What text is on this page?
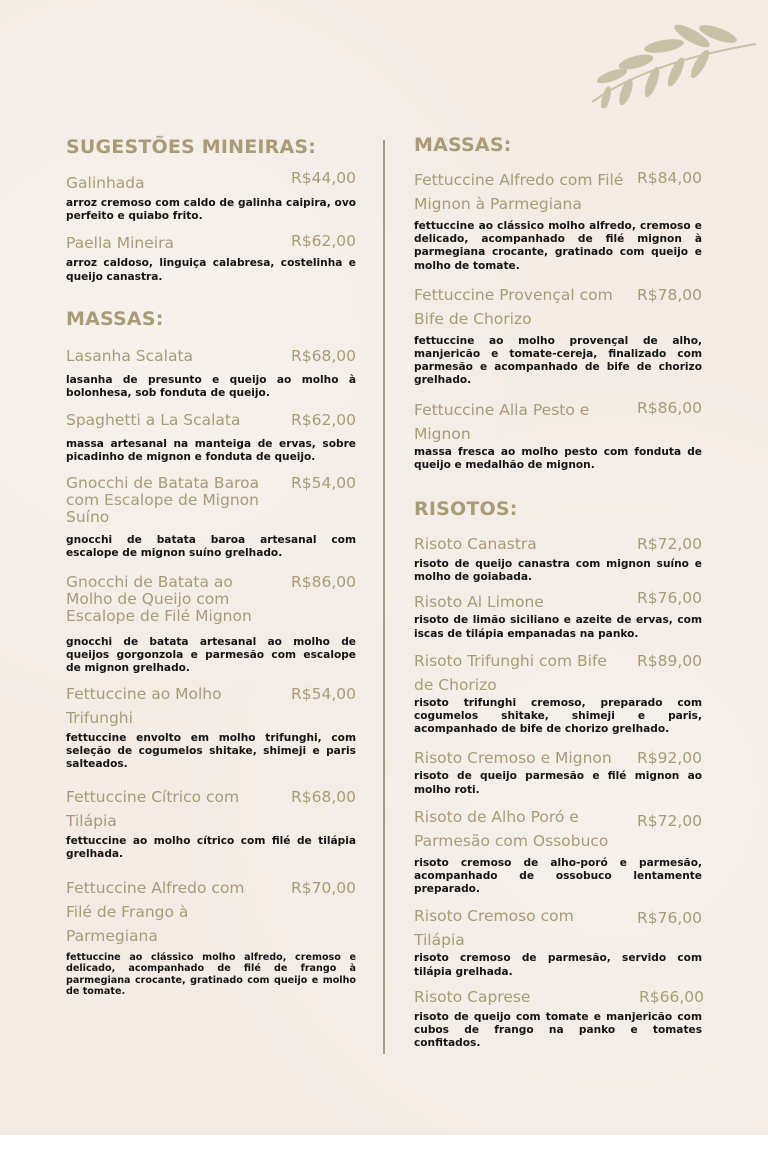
SUGESTÕES MINEIRAS:
Galinhada	R$44,00
arroz cremoso com caldo de galinha caipira, ovo perfeito e quiabo frito.
Paella Mineira	R$62,00
arroz caldoso, linguiça calabresa, costelinha e queijo canastra.
MASSAS:
Lasanha Scalata	R$68,00
lasanha de presunto e queijo ao molho à bolonhesa, sob fonduta de queijo.
Spaghetti a La Scalata	R$62,00
massa artesanal na manteiga de ervas, sobre picadinho de mignon e fonduta de queijo.
Gnocchi de Batata Baroa com Escalope de Mignon Suíno
R$54,00
gnocchi de batata baroa artesanal com escalope de mignon suíno grelhado.
Gnocchi de Batata ao Molho de Queijo com Escalope de Filé Mignon
R$86,00
gnocchi de batata artesanal ao molho de queijos gorgonzola e parmesão com escalope de mignon grelhado.
Fettuccine ao Molho Trifunghi
R$54,00
fettuccine envolto em molho trifunghi, com seleção de cogumelos shitake, shimeji e paris salteados.
Fettuccine Cítrico com Tilápia
R$68,00
fettuccine ao molho cítrico com filé de tilápia grelhada.
Fettuccine Alfredo com Filé de Frango à Parmegiana
R$70,00
fettuccine ao clássico molho alfredo, cremoso e delicado, acompanhado de filé de frango à parmegiana crocante, gratinado com queijo e molho de tomate.
MASSAS:
Fettuccine Alfredo com Filé Mignon à Parmegiana
R$84,00
fettuccine ao clássico molho alfredo, cremoso e delicado, acompanhado de filé mignon à parmegiana crocante, gratinado com queijo e molho de tomate.
Fettuccine Provençal com Bife de Chorizo
R$78,00
fettuccine ao molho provençal de alho, manjericão e tomate-cereja, finalizado com parmesão e acompanhado de bife de chorizo grelhado.
Fettuccine Alla Pesto e Mignon
R$86,00
massa fresca ao molho pesto com fonduta de queijo e medalhão de mignon.
RISOTOS:
Risoto Canastra	R$72,00
risoto de queijo canastra com mignon suíno e molho de goiabada.
Risoto Al Limone	R$76,00
risoto de limão siciliano e azeite de ervas, com iscas de tilápia empanadas na panko.
Risoto Trifunghi com Bife de Chorizo
R$89,00
risoto trifunghi cremoso, preparado com cogumelos shitake, shimeji e paris, acompanhado de bife de chorizo grelhado.
Risoto Cremoso e Mignon	R$92,00
risoto de queijo parmesão e filé mignon ao molho roti.
Risoto de Alho Poró e Parmesão com Ossobuco
R$72,00
risoto cremoso de alho-poró e parmesão, acompanhado de ossobuco lentamente preparado.
Risoto Cremoso com Tilápia
R$76,00
risoto cremoso de parmesão, servido com tilápia grelhada.
Risoto Caprese	R$66,00
risoto de queijo com tomate e manjericão com cubos de frango na panko e tomates confitados.
